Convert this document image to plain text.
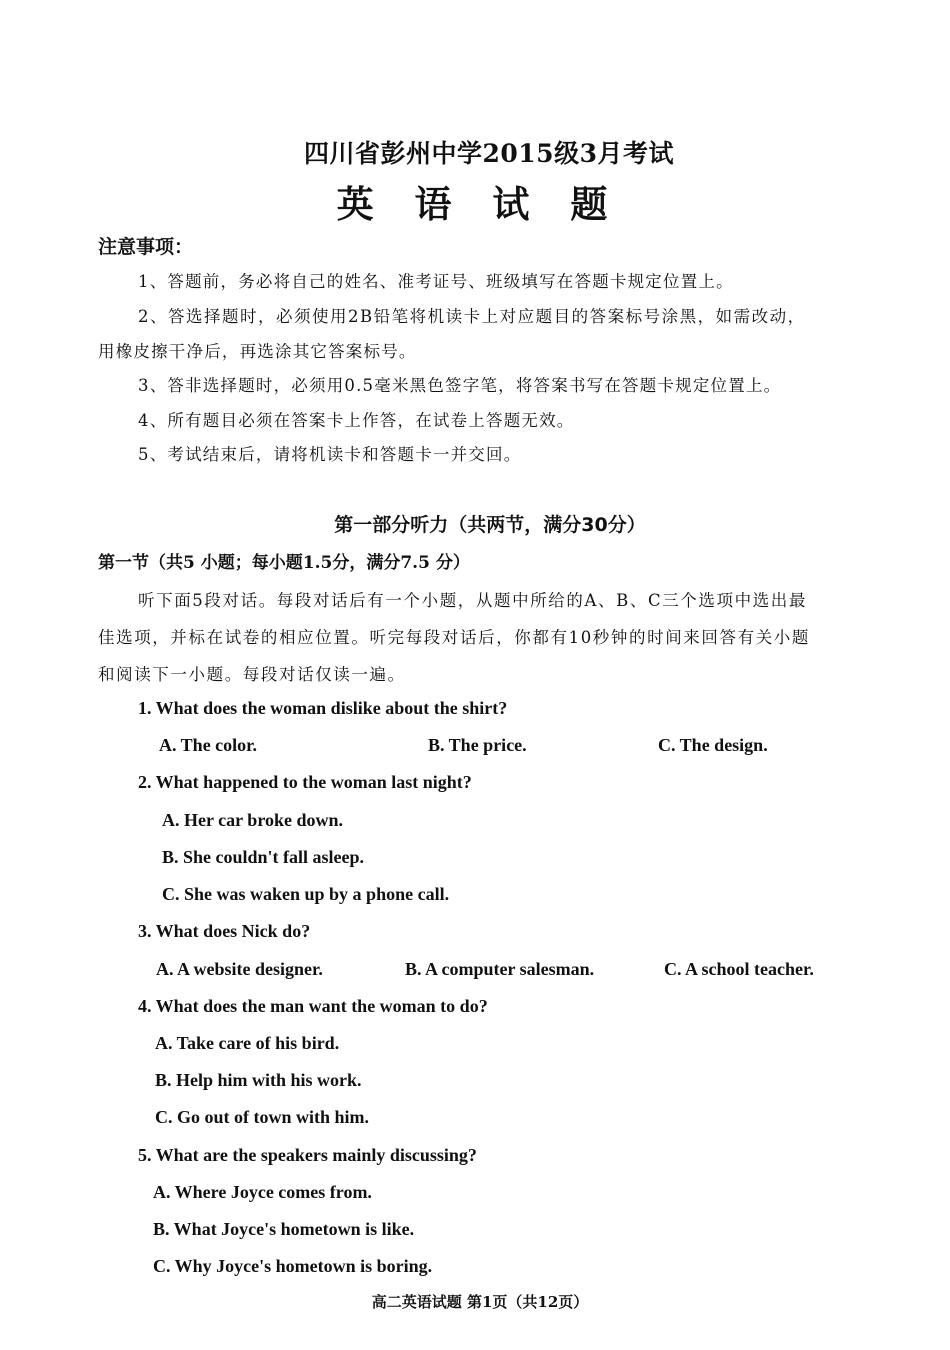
四川省彭州中学2015级3月考试
英 语 试 题
注意事项：
1、答题前，务必将自己的姓名、准考证号、班级填写在答题卡规定位置上。
2、答选择题时，必须使用2B铅笔将机读卡上对应题目的答案标号涂黑，如需改动，
用橡皮擦干净后，再选涂其它答案标号。
3、答非选择题时，必须用0.5毫米黑色签字笔，将答案书写在答题卡规定位置上。
4、所有题目必须在答案卡上作答，在试卷上答题无效。
5、考试结束后，请将机读卡和答题卡一并交回。
第一部分听力（共两节，满分30分）
第一节（共5 小题；每小题1.5分，满分7.5 分）
听下面5段对话。每段对话后有一个小题，从题中所给的A、B、C三个选项中选出最
佳选项，并标在试卷的相应位置。听完每段对话后，你都有10秒钟的时间来回答有关小题
和阅读下一小题。每段对话仅读一遍。
1. What does the woman dislike about the shirt?
A. The color.	B. The price.	C. The design.
2. What happened to the woman last night?
A. Her car broke down.
B. She couldn't fall asleep.
C. She was waken up by a phone call.
3. What does Nick do?
A. A website designer.	B. A computer salesman.	C. A school teacher.
4. What does the man want the woman to do?
A. Take care of his bird.
B. Help him with his work.
C. Go out of town with him.
5. What are the speakers mainly discussing?
A. Where Joyce comes from.
B. What Joyce's hometown is like.
C. Why Joyce's hometown is boring.
高二英语试题 第1页（共12页）
